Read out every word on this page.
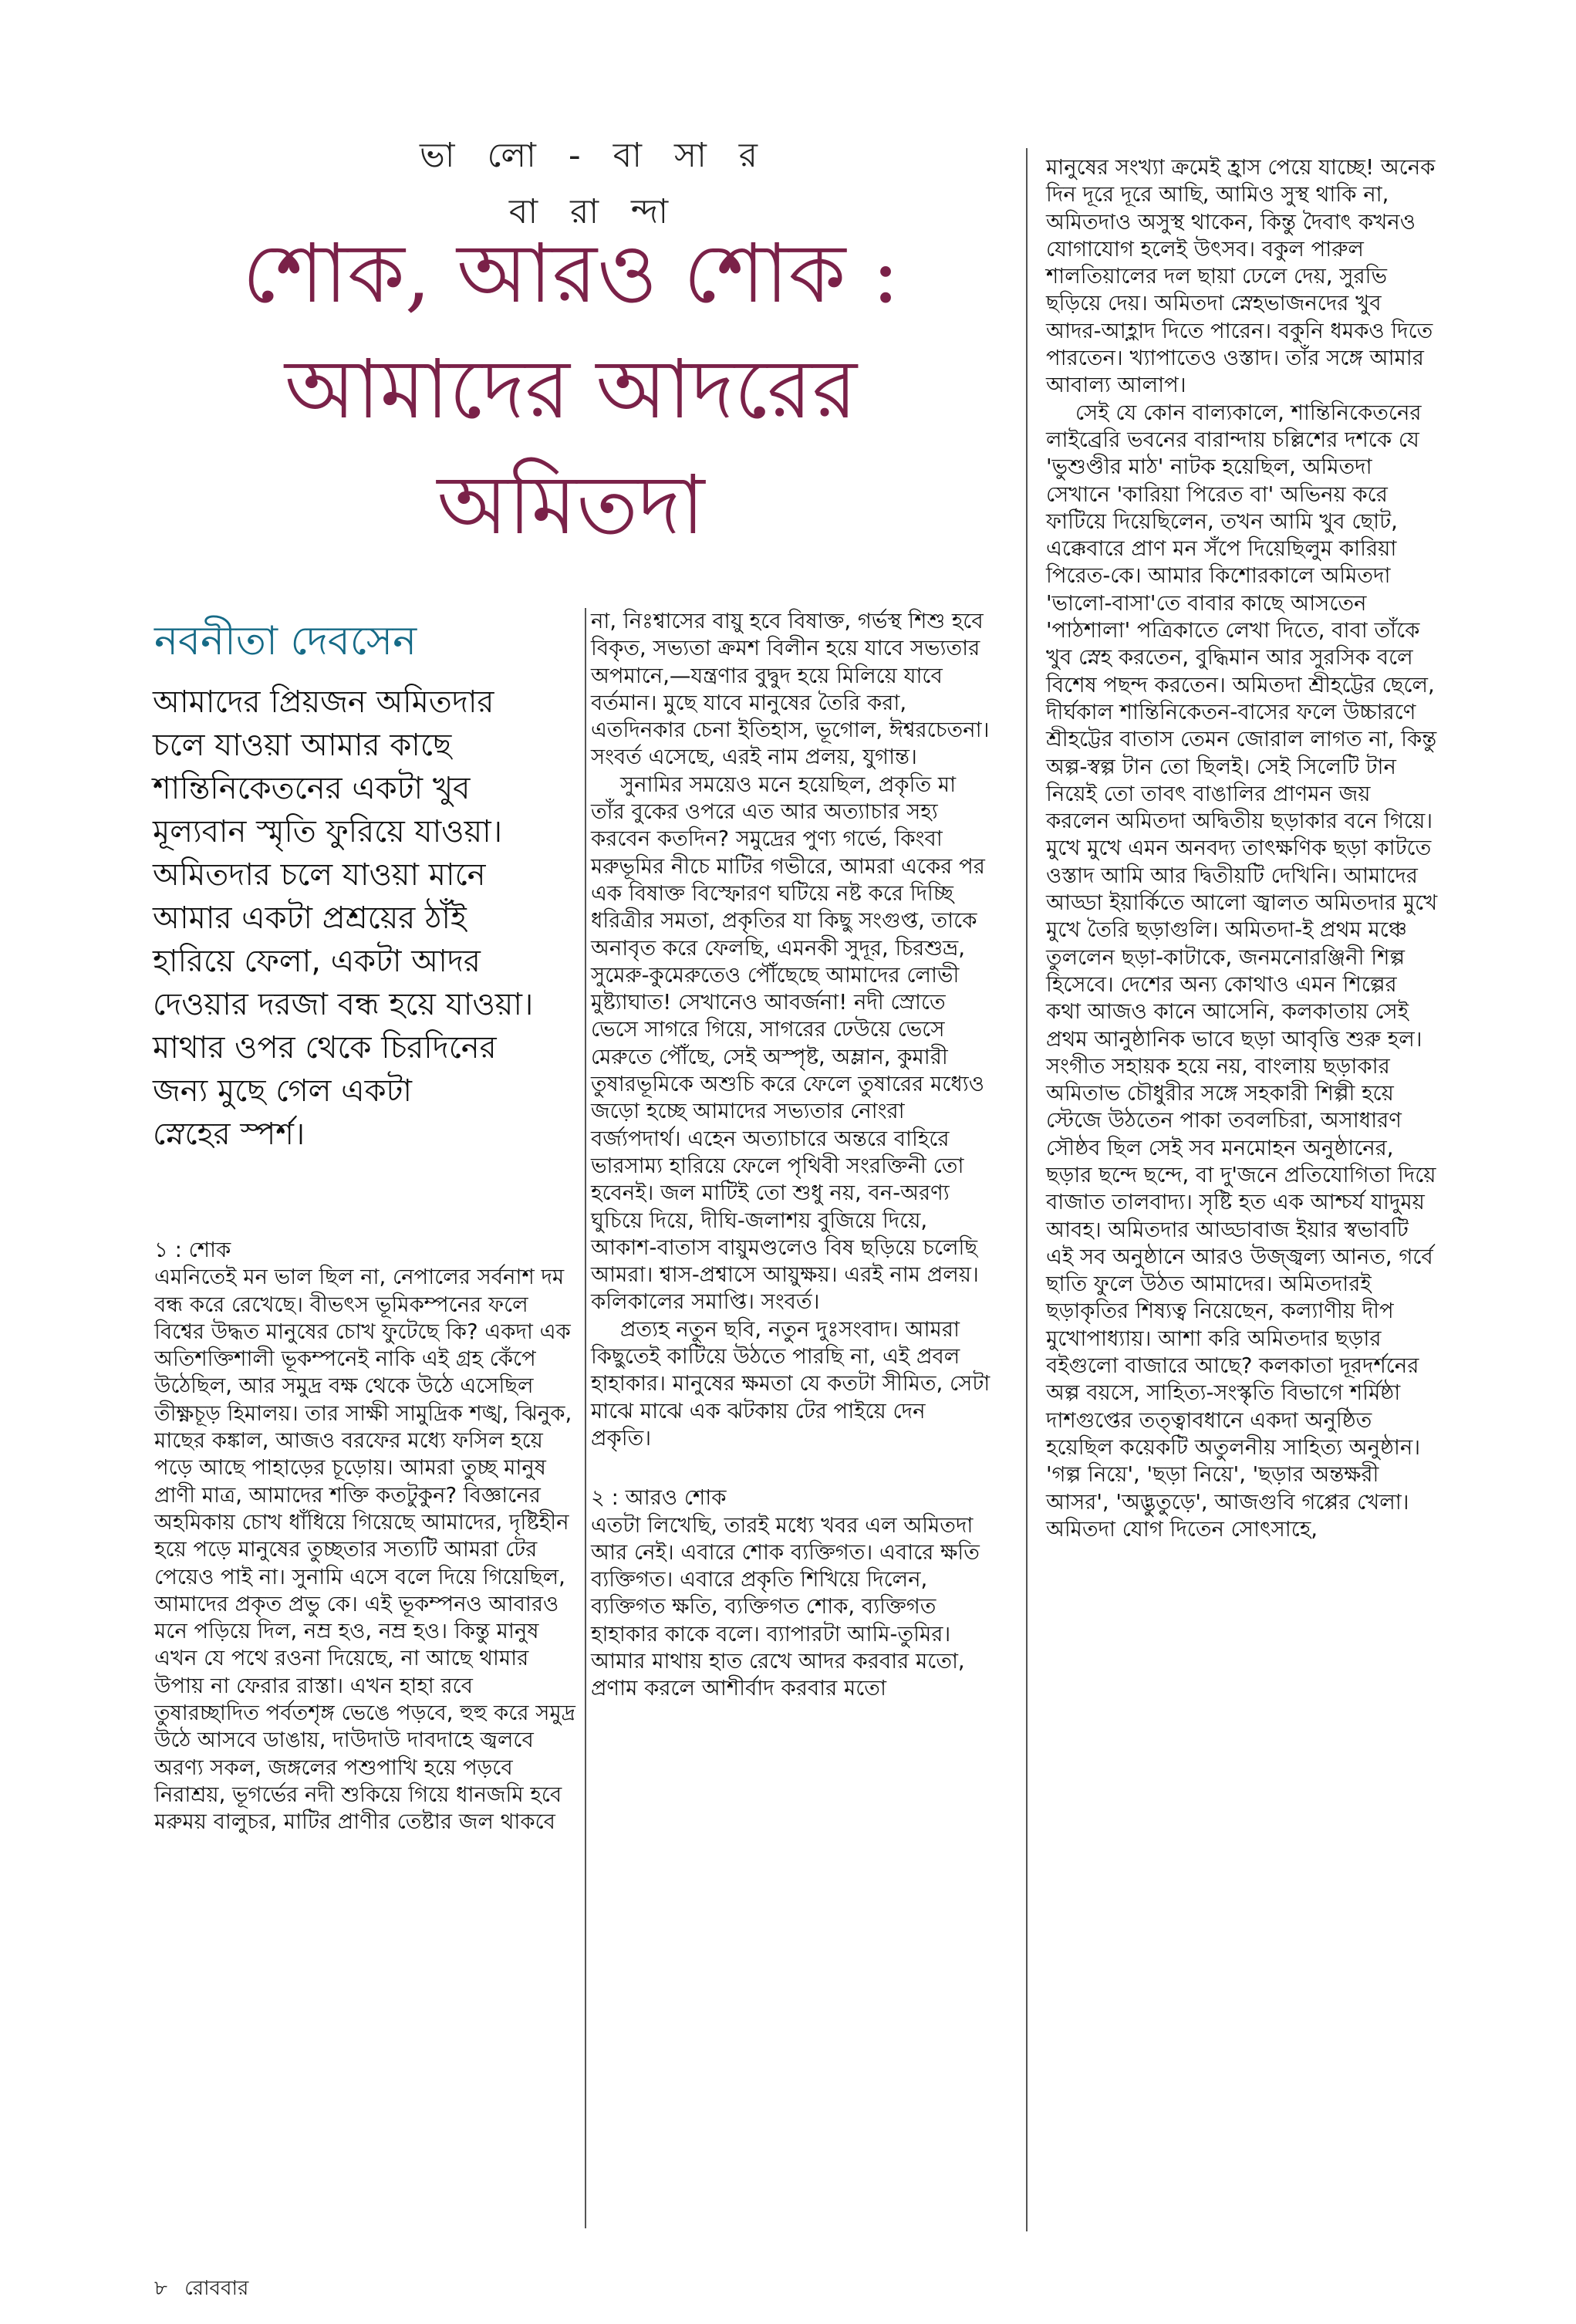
ভা লো - বা সা র বা রা ন্দা
শোক, আরও শোক :
আমাদের আদরের
অমিতদা
নবনীতা দেবসেন

আমাদের প্রিয়জন অমিতদার

চলে যাওয়া আমার কাছে

শান্তিনিকেতনের একটা খুব

মূল্যবান স্মৃতি ফুরিয়ে যাওয়া।

অমিতদার চলে যাওয়া মানে

আমার একটা প্রশ্রয়ের ঠাঁই

হারিয়ে ফেলা, একটা আদর

দেওয়ার দরজা বন্ধ হয়ে যাওয়া।

মাথার ওপর থেকে চিরদিনের

জন্য মুছে গেল একটা

স্নেহের স্পর্শ।

১ : শোক

এমনিতেই মন ভাল ছিল না, নেপালের সর্বনাশ দম বন্ধ করে রেখেছে। বীভৎস ভূমিকম্পনের ফলে বিশ্বের উদ্ধত মানুষের চোখ ফুটেছে কি? একদা এক অতিশক্তিশালী ভূকম্পনেই নাকি এই গ্রহ কেঁপে উঠেছিল, আর সমুদ্র বক্ষ থেকে উঠে এসেছিল তীক্ষ্ণচূড় হিমালয়। তার সাক্ষী সামুদ্রিক শঙ্খ, ঝিনুক, মাছের কঙ্কাল, আজও বরফের মধ্যে ফসিল হয়ে পড়ে আছে পাহাড়ের চূড়োয়। আমরা তুচ্ছ মানুষ প্রাণী মাত্র, আমাদের শক্তি কতটুকুন? বিজ্ঞানের অহমিকায় চোখ ধাঁধিয়ে গিয়েছে আমাদের, দৃষ্টিহীন হয়ে পড়ে মানুষের তুচ্ছতার সত্যটি আমরা টের পেয়েও পাই না। সুনামি এসে বলে দিয়ে গিয়েছিল, আমাদের প্রকৃত প্রভু কে। এই ভূকম্পনও আবারও মনে পড়িয়ে দিল, নম্র হও, নম্র হও। কিন্তু মানুষ এখন যে পথে রওনা দিয়েছে, না আছে থামার উপায় না ফেরার রাস্তা। এখন হাহা রবে তুষারচ্ছাদিত পর্বতশৃঙ্গ ভেঙে পড়বে, হুহু করে সমুদ্র উঠে আসবে ডাঙায়, দাউদাউ দাবদাহে জ্বলবে অরণ্য সকল, জঙ্গলের পশুপাখি হয়ে পড়বে নিরাশ্রয়, ভূগর্ভের নদী শুকিয়ে গিয়ে ধানজমি হবে মরুময় বালুচর, মাটির প্রাণীর তেষ্টার জল থাকবে

না, নিঃশ্বাসের বায়ু হবে বিষাক্ত, গর্ভস্থ শিশু হবে বিকৃত, সভ্যতা ক্রমশ বিলীন হয়ে যাবে সভ্যতার অপমানে,—যন্ত্রণার বুদ্বুদ হয়ে মিলিয়ে যাবে বর্তমান। মুছে যাবে মানুষের তৈরি করা, এতদিনকার চেনা ইতিহাস, ভূগোল, ঈশ্বরচেতনা। সংবর্ত এসেছে, এরই নাম প্রলয়, যুগান্ত।

সুনামির সময়েও মনে হয়েছিল, প্রকৃতি মা তাঁর বুকের ওপরে এত আর অত্যাচার সহ্য করবেন কতদিন? সমুদ্রের পুণ্য গর্ভে, কিংবা মরুভূমির নীচে মাটির গভীরে, আমরা একের পর এক বিষাক্ত বিস্ফোরণ ঘটিয়ে নষ্ট করে দিচ্ছি ধরিত্রীর সমতা, প্রকৃতির যা কিছু সংগুপ্ত, তাকে অনাবৃত করে ফেলছি, এমনকী সুদূর, চিরশুভ্র, সুমেরু-কুমেরুতেও পৌঁছেছে আমাদের লোভী মুষ্ট্যাঘাত! সেখানেও আবর্জনা! নদী স্রোতে ভেসে সাগরে গিয়ে, সাগরের ঢেউয়ে ভেসে মেরুতে পৌঁছে, সেই অস্পৃষ্ট, অম্লান, কুমারী তুষারভূমিকে অশুচি করে ফেলে তুষারের মধ্যেও জড়ো হচ্ছে আমাদের সভ্যতার নোংরা বর্জ্যপদার্থ। এহেন অত্যাচারে অন্তরে বাহিরে ভারসাম্য হারিয়ে ফেলে পৃথিবী সংরক্তিনী তো হবেনই। জল মাটিই তো শুধু নয়, বন-অরণ্য ঘুচিয়ে দিয়ে, দীঘি-জলাশয় বুজিয়ে দিয়ে, আকাশ-বাতাস বায়ুমণ্ডলেও বিষ ছড়িয়ে চলেছি আমরা। শ্বাস-প্রশ্বাসে আয়ুক্ষয়। এরই নাম প্রলয়। কলিকালের সমাপ্তি। সংবর্ত।

প্রত্যহ নতুন ছবি, নতুন দুঃসংবাদ। আমরা কিছুতেই কাটিয়ে উঠতে পারছি না, এই প্রবল হাহাকার। মানুষের ক্ষমতা যে কতটা সীমিত, সেটা মাঝে মাঝে এক ঝটকায় টের পাইয়ে দেন প্রকৃতি।

২ : আরও শোক

এতটা লিখেছি, তারই মধ্যে খবর এল অমিতদা আর নেই। এবারে শোক ব্যক্তিগত। এবারে ক্ষতি ব্যক্তিগত। এবারে প্রকৃতি শিখিয়ে দিলেন, ব্যক্তিগত ক্ষতি, ব্যক্তিগত শোক, ব্যক্তিগত হাহাকার কাকে বলে। ব্যাপারটা আমি-তুমির। আমার মাথায় হাত রেখে আদর করবার মতো, প্রণাম করলে আশীর্বাদ করবার মতো

মানুষের সংখ্যা ক্রমেই হ্রাস পেয়ে যাচ্ছে! অনেক দিন দূরে দূরে আছি, আমিও সুস্থ থাকি না, অমিতদাও অসুস্থ থাকেন, কিন্তু দৈবাৎ কখনও যোগাযোগ হলেই উৎসব। বকুল পারুল শালতিয়ালের দল ছায়া ঢেলে দেয়, সুরভি ছড়িয়ে দেয়। অমিতদা স্নেহভাজনদের খুব আদর-আহ্লাদ দিতে পারেন। বকুনি ধমকও দিতে পারতেন। খ্যাপাতেও ওস্তাদ। তাঁর সঙ্গে আমার আবাল্য আলাপ।

সেই যে কোন বাল্যকালে, শান্তিনিকেতনের লাইব্রেরি ভবনের বারান্দায় চল্লিশের দশকে যে 'ভুশুণ্ডীর মাঠ' নাটক হয়েছিল, অমিতদা সেখানে 'কারিয়া পিরেত বা' অভিনয় করে ফাটিয়ে দিয়েছিলেন, তখন আমি খুব ছোট, এক্কেবারে প্রাণ মন সঁপে দিয়েছিলুম কারিয়া পিরেত-কে। আমার কিশোরকালে অমিতদা 'ভালো-বাসা'তে বাবার কাছে আসতেন 'পাঠশালা' পত্রিকাতে লেখা দিতে, বাবা তাঁকে খুব স্নেহ করতেন, বুদ্ধিমান আর সুরসিক বলে বিশেষ পছন্দ করতেন। অমিতদা শ্রীহট্টের ছেলে, দীর্ঘকাল শান্তিনিকেতন-বাসের ফলে উচ্চারণে শ্রীহট্টের বাতাস তেমন জোরাল লাগত না, কিন্তু অল্প-স্বল্প টান তো ছিলই। সেই সিলেটি টান নিয়েই তো তাবৎ বাঙালির প্রাণমন জয় করলেন অমিতদা অদ্বিতীয় ছড়াকার বনে গিয়ে। মুখে মুখে এমন অনবদ্য তাৎক্ষণিক ছড়া কাটতে ওস্তাদ আমি আর দ্বিতীয়টি দেখিনি। আমাদের আড্ডা ইয়ার্কিতে আলো জ্বালত অমিতদার মুখে মুখে তৈরি ছড়াগুলি। অমিতদা-ই প্রথম মঞ্চে তুললেন ছড়া-কাটাকে, জনমনোরঞ্জিনী শিল্প হিসেবে। দেশের অন্য কোথাও এমন শিল্পের কথা আজও কানে আসেনি, কলকাতায় সেই প্রথম আনুষ্ঠানিক ভাবে ছড়া আবৃত্তি শুরু হল। সংগীত সহায়ক হয়ে নয়, বাংলায় ছড়াকার অমিতাভ চৌধুরীর সঙ্গে সহকারী শিল্পী হয়ে স্টেজে উঠতেন পাকা তবলচিরা, অসাধারণ সৌষ্ঠব ছিল সেই সব মনমোহন অনুষ্ঠানের, ছড়ার ছন্দে ছন্দে, বা দু'জনে প্রতিযোগিতা দিয়ে বাজাত তালবাদ্য। সৃষ্টি হত এক আশ্চর্য যাদুময় আবহ। অমিতদার আড্ডাবাজ ইয়ার স্বভাবটি এই সব অনুষ্ঠানে আরও উজ্জ্বল্য আনত, গর্বে ছাতি ফুলে উঠত আমাদের। অমিতদারই ছড়াকৃতির শিষ্যত্ব নিয়েছেন, কল্যাণীয় দীপ মুখোপাধ্যায়। আশা করি অমিতদার ছড়ার বইগুলো বাজারে আছে? কলকাতা দূরদর্শনের অল্প বয়সে, সাহিত্য-সংস্কৃতি বিভাগে শর্মিষ্ঠা দাশগুপ্তের তত্ত্বাবধানে একদা অনুষ্ঠিত হয়েছিল কয়েকটি অতুলনীয় সাহিত্য অনুষ্ঠান। 'গল্প নিয়ে', 'ছড়া নিয়ে', 'ছড়ার অন্তক্ষরী আসর', 'অদ্ভুতুড়ে', আজগুবি গপ্পের খেলা। অমিতদা যোগ দিতেন সোৎসাহে,

৮ রোববার
